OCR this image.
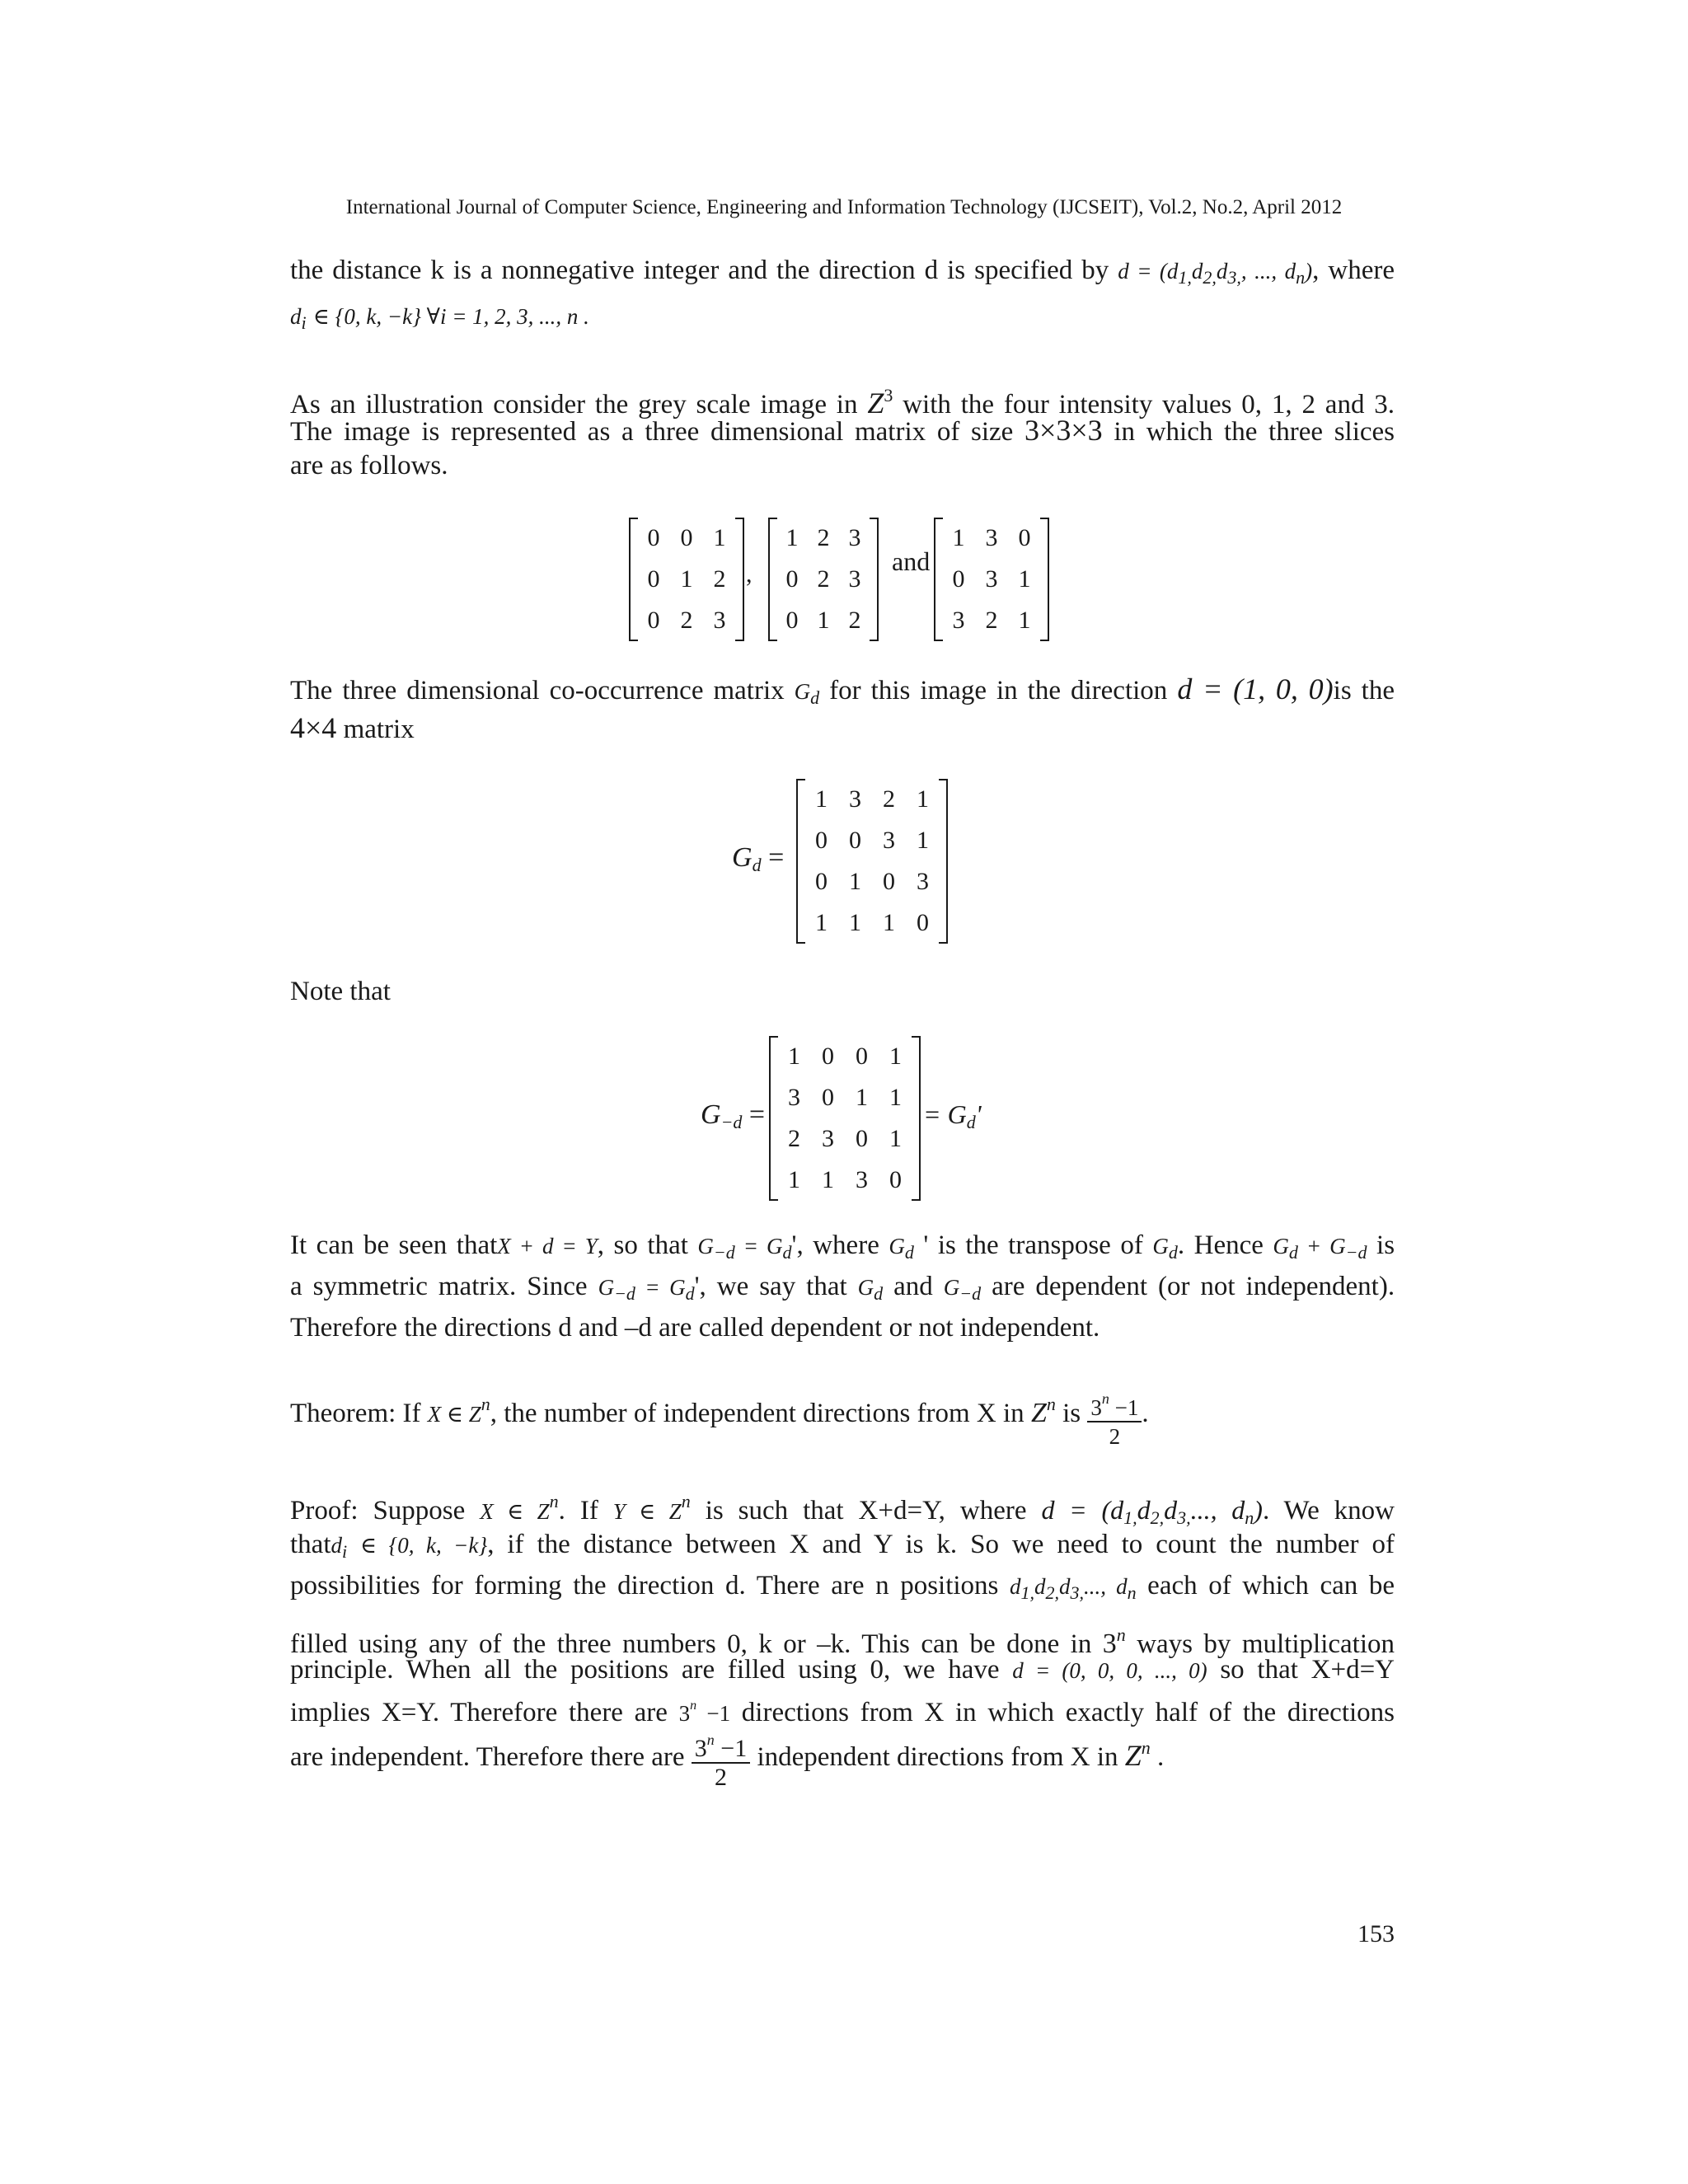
International Journal of Computer Science, Engineering and Information Technology (IJCSEIT), Vol.2, No.2, April 2012
the distance k is a nonnegative integer and the direction d is specified by $d = (d_{1,}d_{2,}d_{3,}$, ..., $d_n$), where
di ∈ {0, k, −k} ∀i = 1, 2, 3, ..., n .
As an illustration consider the grey scale image in $Z^3$ with the four intensity values 0, 1, 2 and 3.
The image is represented as a three dimensional matrix of size 3×3×3 in which the three slices
are as follows.
0 0 1
0 1 2
0 2 3
,
1 2 3
0 2 3
0 1 2
and
1 3 0
0 3 1
3 2 1
The three dimensional co-occurrence matrix Gd for this image in the direction d = (1, 0, 0)is the
4×4 matrix
Gd =
1 3 2 1
0 0 3 1
0 1 0 3
1 1 1 0
Note that
G−d =
1 0 0 1
3 0 1 1
2 3 0 1
1 1 3 0
= Gd'
It can be seen thatX + d = Y, so that $G_{-d} = G_d'$, where Gd ' is the transpose of Gd. Hence $G_d + G_{-d}$ is
a symmetric matrix. Since $G_{-d} = G_d'$, we say that Gd and G−d are dependent (or not independent).
Therefore the directions d and –d are called dependent or not independent.
Theorem: If X ∈ $Z^n$, the number of independent directions from X in $Z^n$ is $\frac{3^n -1}{2}$ .
Proof: Suppose X ∈ $Z^n$. If Y ∈ $Z^n$ is such that X+d=Y, where d = (d1,d2,d3,..., dn). We know
thatdi ∈ {0, k, −k}, if the distance between X and Y is k. So we need to count the number of
possibilities for forming the direction d. There are n positions $d_{1,}d_{2,}d_{3,}$..., $d_n$ each of which can be
filled using any of the three numbers 0, k or –k. This can be done in 3$^n$ ways by multiplication
principle. When all the positions are filled using 0, we have d = (0, 0, 0, ..., 0) so that X+d=Y
implies X=Y. Therefore there are $3^n -1$ directions from X in which exactly half of the directions
are independent. Therefore there are $\frac{3^n -1}{2}$ independent directions from X in $Z^n$ .
153
